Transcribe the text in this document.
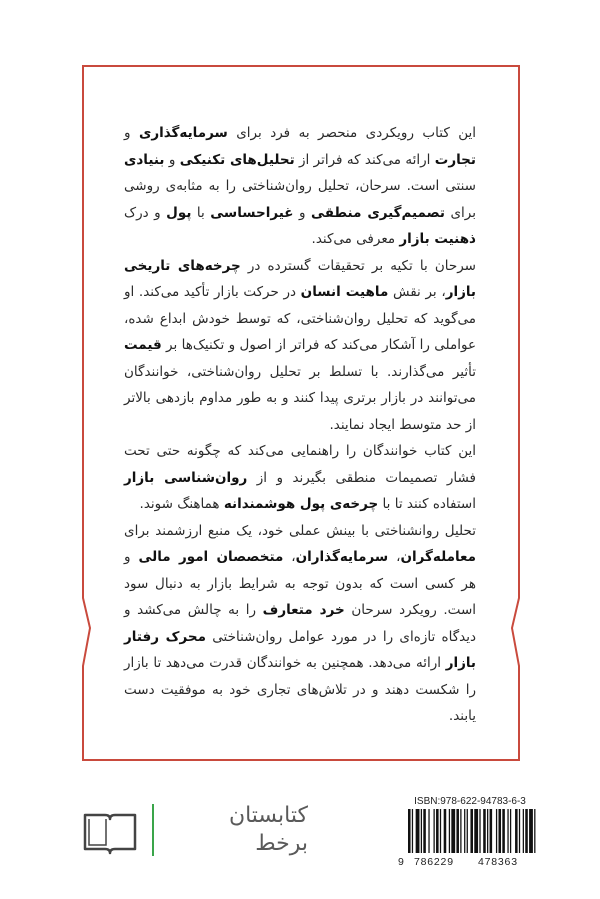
این کتاب رویکردی منحصر به فرد برای سرمایه‌گذاری و تجارت ارائه می‌کند که فراتر از تحلیل‌های تکنیکی و بنیادی سنتی است. سرحان، تحلیل روان‌شناختی را به مثابه‌ی روشی برای تصمیم‌گیری منطقی و غیراحساسی با پول و درک ذهنیت بازار معرفی می‌کند.

سرحان با تکیه بر تحقیقات گسترده در چرخه‌های تاریخی بازار، بر نقش ماهیت انسان در حرکت بازار تأکید می‌کند. او می‌گوید که تحلیل روان‌شناختی، که توسط خودش ابداع شده، عواملی را آشکار می‌کند که فراتر از اصول و تکنیک‌ها بر قیمت تأثیر می‌گذارند. با تسلط بر تحلیل روان‌شناختی، خوانندگان می‌توانند در بازار برتری پیدا کنند و به طور مداوم بازدهی بالاتر از حد متوسط ایجاد نمایند.

این کتاب خوانندگان را راهنمایی می‌کند که چگونه حتی تحت فشار تصمیمات منطقی بگیرند و از روان‌شناسی بازار استفاده کنند تا با چرخه‌ی پول هوشمندانه هماهنگ شوند.

تحلیل روانشناختی با بینش عملی خود، یک منبع ارزشمند برای معامله‌گران، سرمایه‌گذاران، متخصصان امور مالی و هر کسی است که بدون توجه به شرایط بازار به دنبال سود است. رویکرد سرحان خرد متعارف را به چالش می‌کشد و دیدگاه تازه‌ای را در مورد عوامل روان‌شناختی محرک رفتار بازار ارائه می‌دهد. همچنین به خوانندگان قدرت می‌دهد تا بازار را شکست دهند و در تلاش‌های تجاری خود به موفقیت دست یابند.

کتابستان
برخط
ISBN:978-622-94783-6-3
9 786229 478363
